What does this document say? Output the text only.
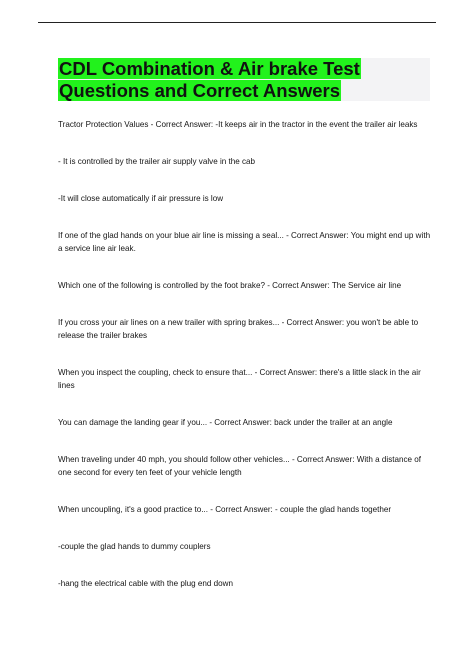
CDL Combination & Air brake Test
Questions and Correct Answers

Tractor Protection Values - Correct Answer: -It keeps air in the tractor in the event the trailer air leaks

- It is controlled by the trailer air supply valve in the cab

-It will close automatically if air pressure is low

If one of the glad hands on your blue air line is missing a seal... - Correct Answer: You might end up with a service line air leak.

Which one of the following is controlled by the foot brake? - Correct Answer: The Service air line

If you cross your air lines on a new trailer with spring brakes... - Correct Answer: you won't be able to release the trailer brakes

When you inspect the coupling, check to ensure that... - Correct Answer: there's a little slack in the air lines

You can damage the landing gear if you... - Correct Answer: back under the trailer at an angle

When traveling under 40 mph, you should follow other vehicles... - Correct Answer: With a distance of one second for every ten feet of your vehicle length

When uncoupling, it's a good practice to... - Correct Answer: - couple the glad hands together

-couple the glad hands to dummy couplers

-hang the electrical cable with the plug end down
